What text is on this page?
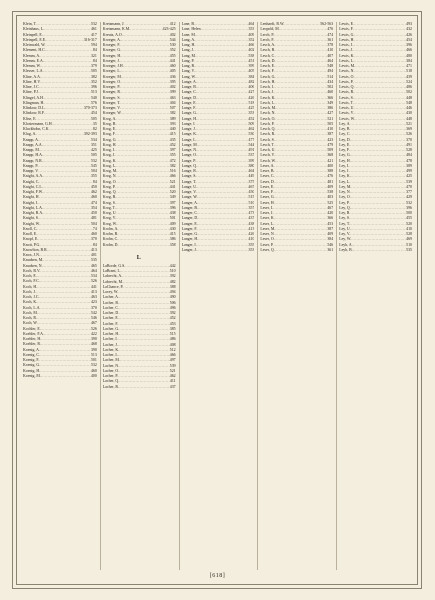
Klein, T. .....	532
Kleinhaus, L. .....	461
Kleinpell, E. .....	417
Kleinpell, E.E. .....	316-317
Kleinwald, W. .....	594
Klement, H.C. .....	84
Klemm, A. .....	321
Klemm, E.A. .....	84
Klemm, W. .....	379
Klesser, L.A. .....	505
Kline, A.A. .....	382
Kline, H.V. .....	352
Kline, J.C. .....	396
Kline, P.J. .....	513
Klingel, A.H. .....	540
Klingman, H. .....	576
Klinkow, D.L. .....	370-373
Klinkow, R.F. .....	454
Klise, E. .....	505
Klostermann, G.H. .....	35
Kluckhohn, C.K. .....	82
Klug, A. .....	392-393
Knapp, A. .....	534
Knapp, A.A. .....	351
Knapp, M. .....	425
Knapp, H.A. .....	505
Knapp, N.R. .....	532
Knapp, P. .....	545
Knapp, V. .....	504
Knight, A.A. .....	355
Knight, C. .....	84
Knight, C.L. .....	450
Knight, F.W. .....	462
Knight, H. .....	460
Knight, I. .....	474
Knight, L.A. .....	354
Knight, R.A. .....	450
Knight, S. .....	481
Knight, W. .....	504
Knoll, C. .....	74
Knoll, E. .....	460
Knopf, E. .....	370
Knott, P.G. .....	84
Knowlton, B.R. .....	413
Knox, J.N. .....	401
Knudsen, M. .....	535
Knudsen, N. .....	465
Koch, B.V. .....	464
Koch, E. .....	534
Koch, F.C. .....	526
Koch, H. .....	441
Koch, J. .....	413
Koch, J.C. .....	463
Koch, K. .....	423
Koch, L.A. .....	370
Koch, M. .....	542
Koch, R. .....	546
Koch, W. .....	467
Kochler, E. .....	526
Koehler, F.A. .....	422
Koehler, H. .....	390
Koehler, R. .....	468
Koenig, A. .....	390
Koenig, C. .....	513
Koenig, F. .....	501
Koenig, G. .....	532
Koenig, H. .....	460
Koenig, M. .....	400
Kretzmann, J. .....	412
Kretzmann, K.M. .....	423-425
Kreutz, A.O. .....	402
Kroeger, A. .....	544
Kroeger, F. .....	530
Kroeger, G. .....	352
Kroeger, H. .....	455
Kroeger, J. .....	441
Kroeger, J.H. .....	460
Kroeger, L. .....	405
Kroeger, M. .....	436
Kroeger, O. .....	395
Kroeger, P. .....	402
Kroeger, R. .....	399
Kroeger, S. .....	463
Kroeger, T. .....	404
Kroeger, V. .....	507
Kroeger, W. .....	382
Krog, A. .....	389
Krog, B. .....	393
Krog, E. .....	440
Krog, F. .....	415
Krog, G. .....	435
Krog, H. .....	452
Krog, I. .....	397
Krog, J. .....	355
Krog, K. .....	472
Krog, L. .....	382
Krog, M. .....	516
Krog, N. .....	466
Krog, O. .....	521
Krog, P. .....	441
Krog, Q. .....	520
Krog, R. .....	349
Krog, S. .....	397
Krog, T. .....	396
Krog, U. .....	438
Krog, V. .....	501
Krog, W. .....	409
Krohn, A. .....	430
Krohn, B. .....	415
Krohn, C. .....	386
Krohn, D. .....	358
L
LaBorde, G.S. .....	442
LaBrant, L. .....	510
Labrecht, A. .....	392
Labrecht, M. .....	482
LaChance, P. .....	388
Lacey, W. .....	494
Lacher, A. .....	490
Lacher, B. .....	506
Lacher, C. .....	496
Lacher, D. .....	392
Lacher, E. .....	452
Lacher, F. .....	453
Lacher, G. .....	385
Lacher, H. .....	515
Lacher, I. .....	486
Lacher, J. .....	408
Lacher, K. .....	512
Lacher, L. .....	466
Lacher, M. .....	497
Lacher, N. .....	539
Lacher, O. .....	521
Lacher, P. .....	462
Lacher, Q. .....	411
Lacher, R. .....	437
Lane, B. .....	464
Lane, Helen .....	353
Lane, M. .....	409
Lang, A. .....	352
Lang, H. .....	466
Lang, J. .....	402
Lang, M. .....	538
Lang, P. .....	451
Lang, R. .....	399
Lang, V. .....	405
Lang, W. .....	384
Lange, A. .....	482
Lange, B. .....	406
Lange, C. .....	427
Lange, D. .....	426
Lange, E. .....	518
Lange, F. .....	425
Lange, G. .....	353
Lange, H. .....	452
Lange, I. .....	509
Lange, J. .....	462
Lange, K. .....	530
Lange, L. .....	477
Lange, M. .....	544
Lange, N. .....	491
Lange, O. .....	537
Lange, P. .....	399
Lange, Q. .....	380
Lange, R. .....	464
Lange, S. .....	449
Lange, T. .....	375
Lange, U. .....	467
Lange, V. .....	450
Lange, W. .....	515
Langer, A. .....	510
Langer, B. .....	357
Langer, C. .....	473
Langer, D. .....	437
Langer, E. .....	438
Langer, F. .....	413
Langer, G. .....	426
Langer, H. .....	410
Langer, I. .....	355
Langer, J. .....	353
Lenhardt, R.W. .....	562-563
Leopold, M. .....	476
Lerch, P. .....	474
Lerch, F. .....	361
Lesch, A. .....	378
Lesch, B. .....	410
Lesch, C. .....	407
Lesch, D. .....	464
Lesch, E. .....	548
Lesch, F. .....	494
Lesch, G. .....	514
Lesch, H. .....	434
Lesch, I. .....	502
Lesch, J. .....	460
Lesch, K. .....	366
Lesch, L. .....	349
Lesch, M. .....	386
Lesch, N. .....	427
Lesch, O. .....	521
Lesch, P. .....	505
Lesch, Q. .....	410
Lesch, R. .....	387
Lesch, S. .....	423
Lesch, T. .....	479
Lesch, U. .....	509
Lesch, V. .....	368
Lesch, W. .....	421
Leser, A. .....	400
Leser, B. .....	388
Leser, C. .....	476
Leser, D. .....	481
Leser, E. .....	409
Leser, F. .....	538
Leser, G. .....	403
Leser, H. .....	525
Leser, I. .....	467
Leser, J. .....	420
Leser, K. .....	366
Leser, L. .....	453
Leser, M. .....	387
Leser, N. .....	409
Leser, O. .....	384
Leser, P. .....	546
Leser, Q. .....	361
Lewis, E. .....	493
Lewis, F. .....	432
Lewis, G. .....	426
Lewis, H. .....	454
Lewis, I. .....	396
Lewis, J. .....	466
Lewis, K. .....	480
Lewis, L. .....	384
Lewis, M. .....	471
Lewis, N. .....	518
Lewis, O. .....	439
Lewis, P. .....	524
Lewis, Q. .....	486
Lewis, R. .....	502
Lewis, S. .....	448
Lewis, T. .....	548
Lewis, U. .....	446
Lewis, V. .....	430
Lewis, W. .....	448
Ley, A. .....	521
Ley, B. .....	369
Ley, C. .....	526
Ley, D. .....	370
Ley, E. .....	491
Ley, F. .....	528
Ley, G. .....	484
Ley, H. .....	478
Ley, I. .....	389
Ley, J. .....	499
Ley, K. .....	425
Ley, L. .....	539
Ley, M. .....	470
Ley, N. .....	377
Ley, O. .....	429
Ley, P. .....	532
Ley, Q. .....	396
Ley, R. .....	500
Ley, S. .....	455
Ley, T. .....	520
Ley, U. .....	410
Ley, V. .....	528
Ley, W. .....	469
Leyh, A. .....	510
Leyh, B. .....	535
[618]
